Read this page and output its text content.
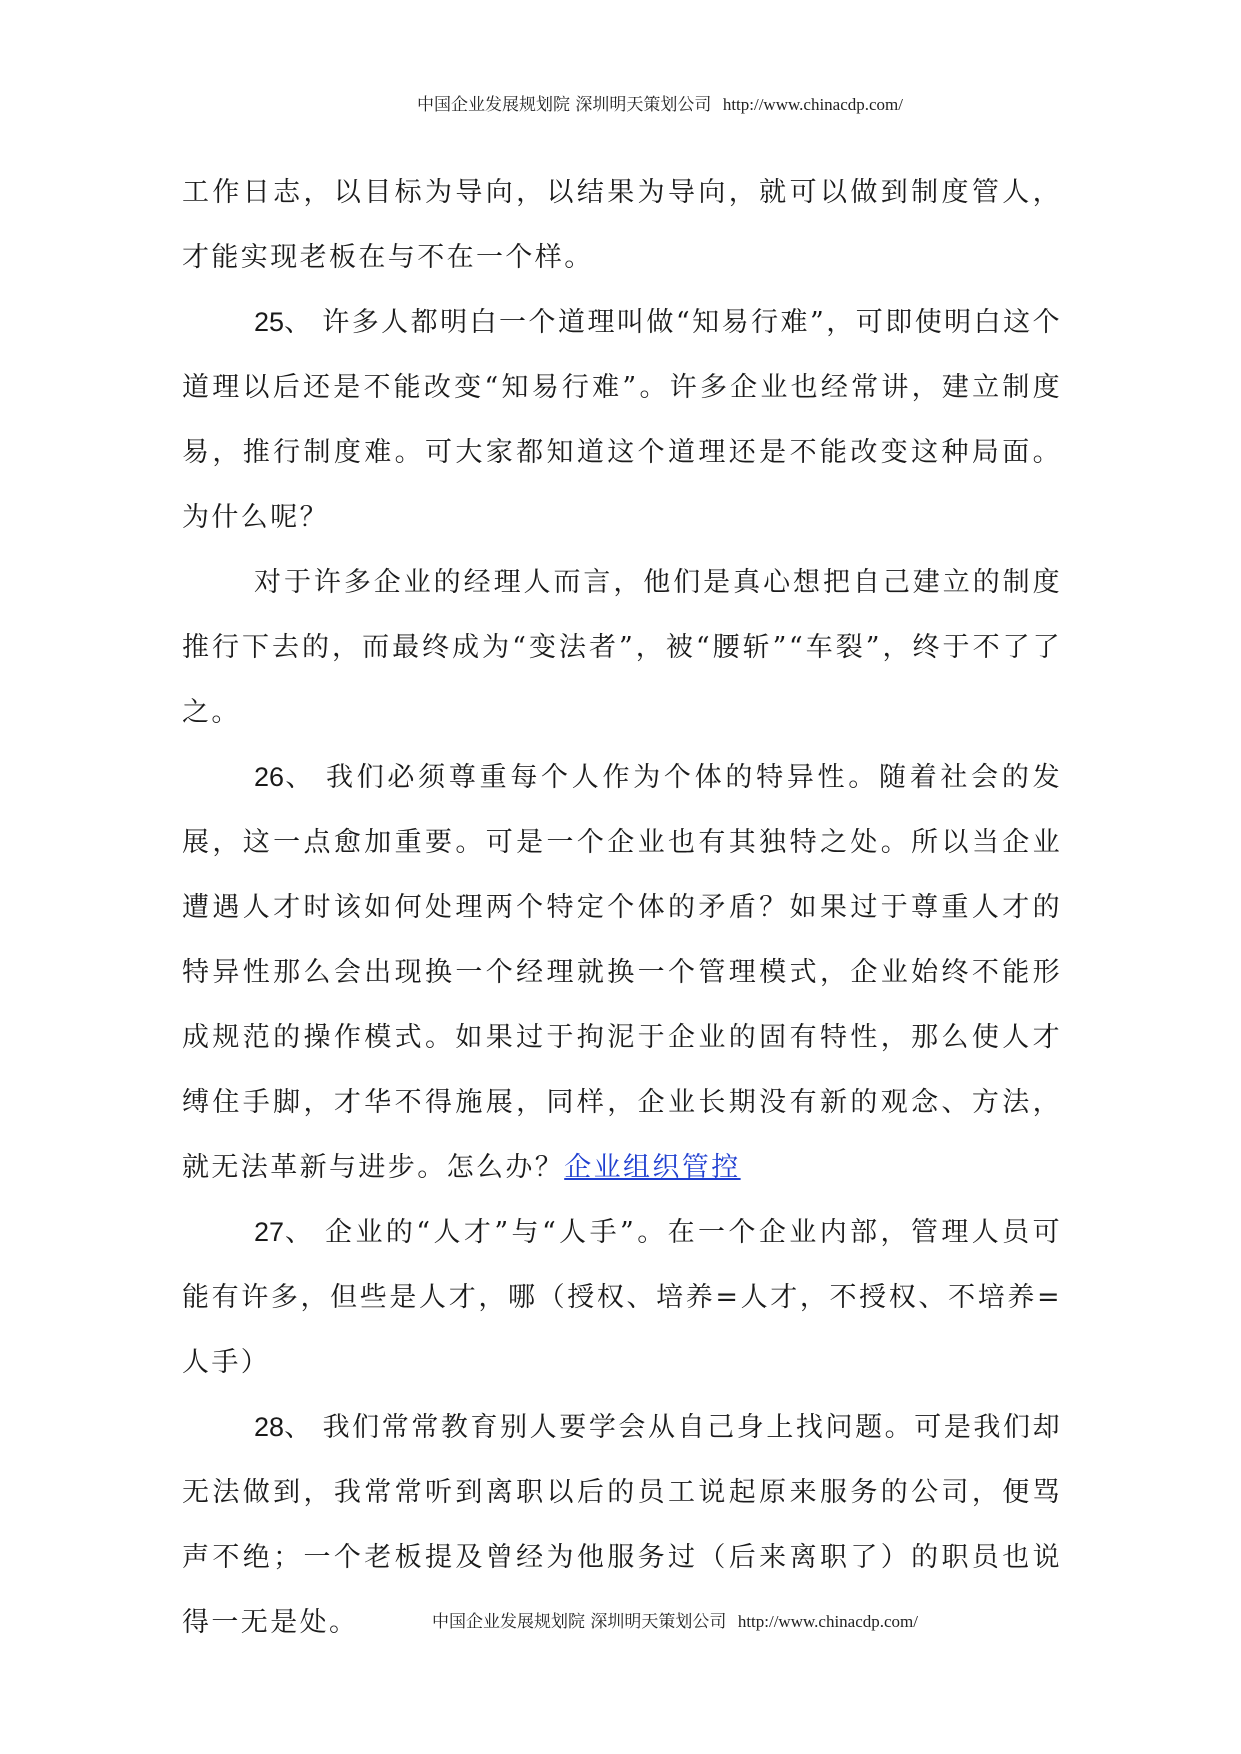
中国企业发展规划院 深圳明天策划公司 http://www.chinacdp.com/

工作日志，以目标为导向，以结果为导向，就可以做到制度管人，才能实现老板在与不在一个样。

25、 许多人都明白一个道理叫做“知易行难”，可即使明白这个道理以后还是不能改变“知易行难”。许多企业也经常讲，建立制度易，推行制度难。可大家都知道这个道理还是不能改变这种局面。为什么呢？

对于许多企业的经理人而言，他们是真心想把自己建立的制度推行下去的，而最终成为“变法者”，被“腰斩”“车裂”，终于不了了之。

26、 我们必须尊重每个人作为个体的特异性。随着社会的发展，这一点愈加重要。可是一个企业也有其独特之处。所以当企业遭遇人才时该如何处理两个特定个体的矛盾？如果过于尊重人才的特异性那么会出现换一个经理就换一个管理模式，企业始终不能形成规范的操作模式。如果过于拘泥于企业的固有特性，那么使人才缚住手脚，才华不得施展，同样，企业长期没有新的观念、方法，就无法革新与进步。怎么办？企业组织管控

27、 企业的“人才”与“人手”。在一个企业内部，管理人员可能有许多，但些是人才，哪（授权、培养=人才，不授权、不培养=人手）

28、 我们常常教育别人要学会从自己身上找问题。可是我们却无法做到，我常常听到离职以后的员工说起原来服务的公司，便骂声不绝；一个老板提及曾经为他服务过（后来离职了）的职员也说得一无是处。	中国企业发展规划院 深圳明天策划公司 http://www.chinacdp.com/
